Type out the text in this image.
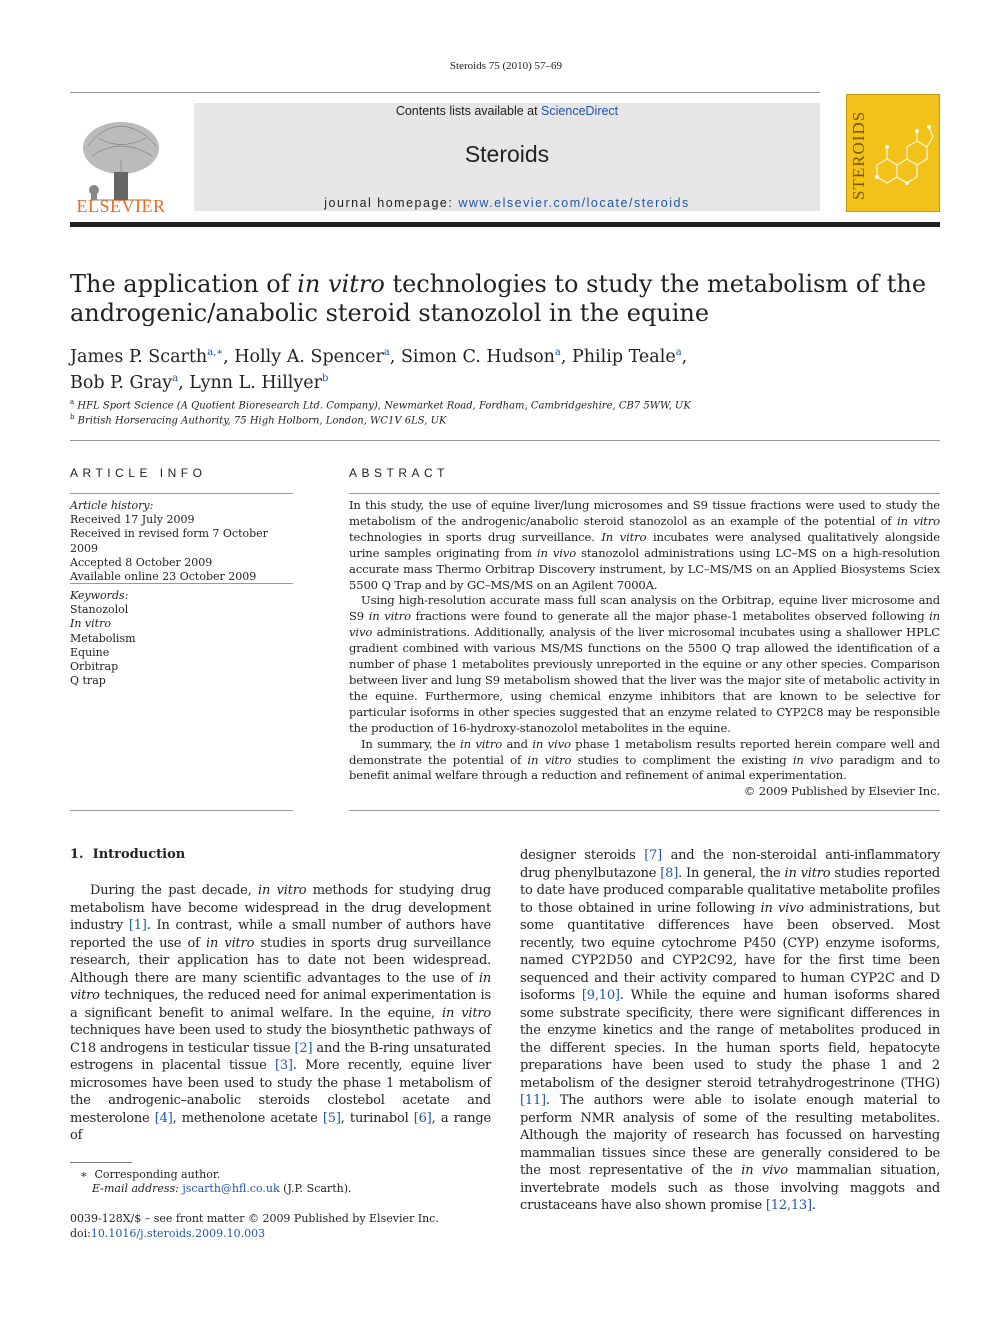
Steroids 75 (2010) 57–69
ELSEVIER
Contents lists available at ScienceDirect
Steroids
journal homepage: www.elsevier.com/locate/steroids
STEROIDS
The application of in vitro technologies to study the metabolism of the androgenic/anabolic steroid stanozolol in the equine
James P. Scarth$^{a,∗}$, Holly A. Spencer$^a$, Simon C. Hudson$^a$, Philip Teale$^a$,
Bob P. Gray$^a$, Lynn L. Hillyer$^b$
$^a$ HFL Sport Science (A Quotient Bioresearch Ltd. Company), Newmarket Road, Fordham, Cambridgeshire, CB7 5WW, UK
$^b$ British Horseracing Authority, 75 High Holborn, London, WC1V 6LS, UK
ARTICLE INFO
Article history:
Received 17 July 2009
Received in revised form 7 October 2009
Accepted 8 October 2009
Available online 23 October 2009
Keywords:
Stanozolol
In vitro
Metabolism
Equine
Orbitrap
Q trap
ABSTRACT

In this study, the use of equine liver/lung microsomes and S9 tissue fractions were used to study the metabolism of the androgenic/anabolic steroid stanozolol as an example of the potential of in vitro technologies in sports drug surveillance. In vitro incubates were analysed qualitatively alongside urine samples originating from in vivo stanozolol administrations using LC–MS on a high-resolution accurate mass Thermo Orbitrap Discovery instrument, by LC–MS/MS on an Applied Biosystems Sciex 5500 Q Trap and by GC–MS/MS on an Agilent 7000A.

Using high-resolution accurate mass full scan analysis on the Orbitrap, equine liver microsome and S9 in vitro fractions were found to generate all the major phase-1 metabolites observed following in vivo administrations. Additionally, analysis of the liver microsomal incubates using a shallower HPLC gradient combined with various MS/MS functions on the 5500 Q trap allowed the identification of a number of phase 1 metabolites previously unreported in the equine or any other species. Comparison between liver and lung S9 metabolism showed that the liver was the major site of metabolic activity in the equine. Furthermore, using chemical enzyme inhibitors that are known to be selective for particular isoforms in other species suggested that an enzyme related to CYP2C8 may be responsible the production of 16-hydroxy-stanozolol metabolites in the equine.

In summary, the in vitro and in vivo phase 1 metabolism results reported herein compare well and demonstrate the potential of in vitro studies to compliment the existing in vivo paradigm and to benefit animal welfare through a reduction and refinement of animal experimentation.

© 2009 Published by Elsevier Inc.

1.  Introduction

During the past decade, in vitro methods for studying drug metabolism have become widespread in the drug development industry [1]. In contrast, while a small number of authors have reported the use of in vitro studies in sports drug surveillance research, their application has to date not been widespread. Although there are many scientific advantages to the use of in vitro techniques, the reduced need for animal experimentation is a significant benefit to animal welfare. In the equine, in vitro techniques have been used to study the biosynthetic pathways of C18 androgens in testicular tissue [2] and the B-ring unsaturated estrogens in placental tissue [3]. More recently, equine liver microsomes have been used to study the phase 1 metabolism of the androgenic–anabolic steroids clostebol acetate and mesterolone [4], methenolone acetate [5], turinabol [6], a range of

designer steroids [7] and the non-steroidal anti-inflammatory drug phenylbutazone [8]. In general, the in vitro studies reported to date have produced comparable qualitative metabolite profiles to those obtained in urine following in vivo administrations, but some quantitative differences have been observed. Most recently, two equine cytochrome P450 (CYP) enzyme isoforms, named CYP2D50 and CYP2C92, have for the first time been sequenced and their activity compared to human CYP2C and D isoforms [9,10]. While the equine and human isoforms shared some substrate specificity, there were significant differences in the enzyme kinetics and the range of metabolites produced in the different species. In the human sports field, hepatocyte preparations have been used to study the phase 1 and 2 metabolism of the designer steroid tetrahydrogestrinone (THG) [11]. The authors were able to isolate enough material to perform NMR analysis of some of the resulting metabolites. Although the majority of research has focussed on harvesting mammalian tissues since these are generally considered to be the most representative of the in vivo mammalian situation, invertebrate models such as those involving maggots and crustaceans have also shown promise [12,13].

∗  Corresponding author.
E-mail address: jscarth@hfl.co.uk (J.P. Scarth).
0039-128X/$ – see front matter © 2009 Published by Elsevier Inc.
doi:10.1016/j.steroids.2009.10.003
